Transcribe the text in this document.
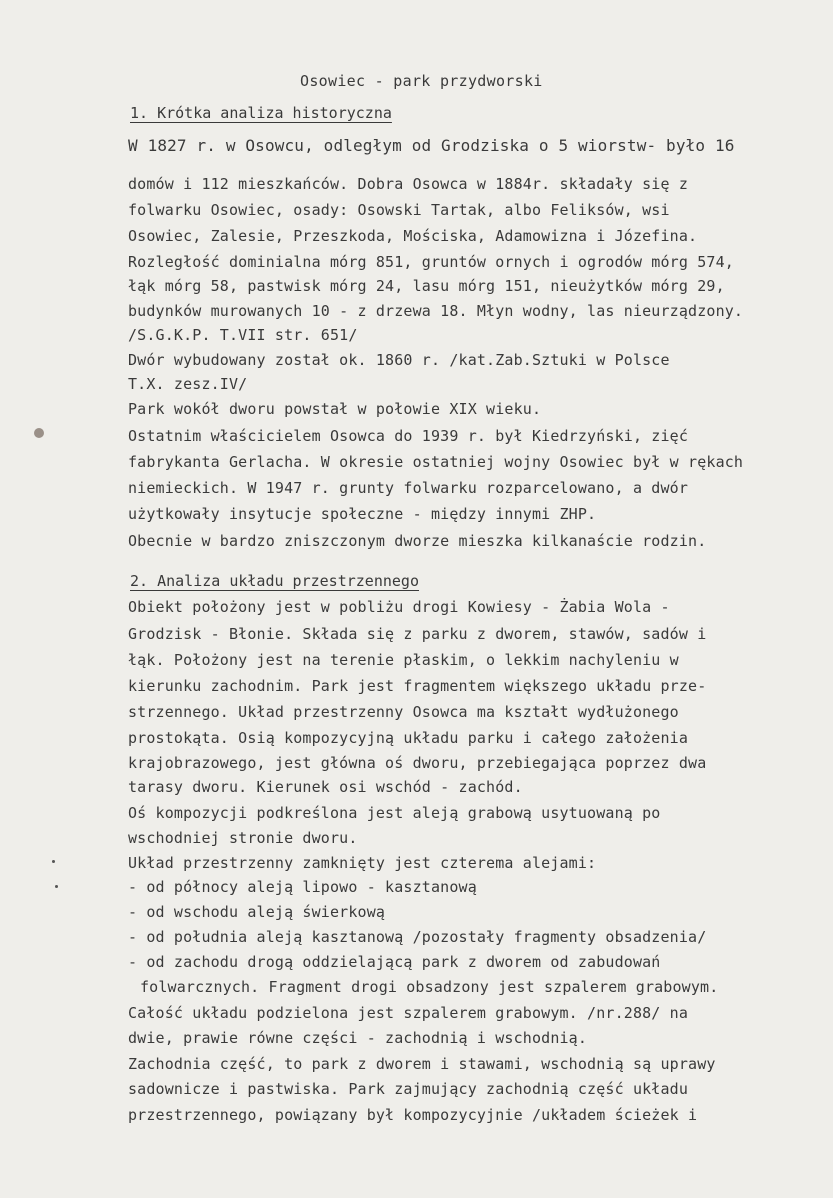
Osowiec - park przydworski
1. Krótka analiza historyczna
W 1827 r. w Osowcu, odległym od Grodziska o 5 wiorstw- było 16
domów i 112 mieszkańców. Dobra Osowca w 1884r. składały się z
folwarku Osowiec, osady: Osowski Tartak, albo Feliksów, wsi
Osowiec, Zalesie, Przeszkoda, Mościska, Adamowizna i Józefina.
Rozległość dominialna mórg 851, gruntów ornych i ogrodów mórg 574,
łąk mórg 58, pastwisk mórg 24, lasu mórg 151, nieużytków mórg 29,
budynków murowanych 10 - z drzewa 18. Młyn wodny, las nieurządzony.
/S.G.K.P. T.VII str. 651/
Dwór wybudowany został ok. 1860 r. /kat.Zab.Sztuki w Polsce
T.X. zesz.IV/
Park wokół dworu powstał w połowie XIX wieku.
Ostatnim właścicielem Osowca do 1939 r. był Kiedrzyński, zięć
fabrykanta Gerlacha. W okresie ostatniej wojny Osowiec był w rękach
niemieckich. W 1947 r. grunty folwarku rozparcelowano, a dwór
użytkowały insytucje społeczne - między innymi ZHP.
Obecnie w bardzo zniszczonym dworze mieszka kilkanaście rodzin.
2. Analiza układu przestrzennego
Obiekt położony jest w pobliżu drogi Kowiesy - Żabia Wola -
Grodzisk - Błonie. Składa się z parku z dworem, stawów, sadów i
łąk. Położony jest na terenie płaskim, o lekkim nachyleniu w
kierunku zachodnim. Park jest fragmentem większego układu prze-
strzennego. Układ przestrzenny Osowca ma kształt wydłużonego
prostokąta. Osią kompozycyjną układu parku i całego założenia
krajobrazowego, jest główna oś dworu, przebiegająca poprzez dwa
tarasy dworu. Kierunek osi wschód - zachód.
Oś kompozycji podkreślona jest aleją grabową usytuowaną po
wschodniej stronie dworu.
Układ przestrzenny zamknięty jest czterema alejami:
- od północy aleją lipowo - kasztanową
- od wschodu aleją świerkową
- od południa aleją kasztanową /pozostały fragmenty obsadzenia/
- od zachodu drogą oddzielającą park z dworem od zabudowań
folwarcznych. Fragment drogi obsadzony jest szpalerem grabowym.
Całość układu podzielona jest szpalerem grabowym. /nr.288/ na
dwie, prawie równe części - zachodnią i wschodnią.
Zachodnia część, to park z dworem i stawami, wschodnią są uprawy
sadownicze i pastwiska. Park zajmujący zachodnią część układu
przestrzennego, powiązany był kompozycyjnie /układem ścieżek i
